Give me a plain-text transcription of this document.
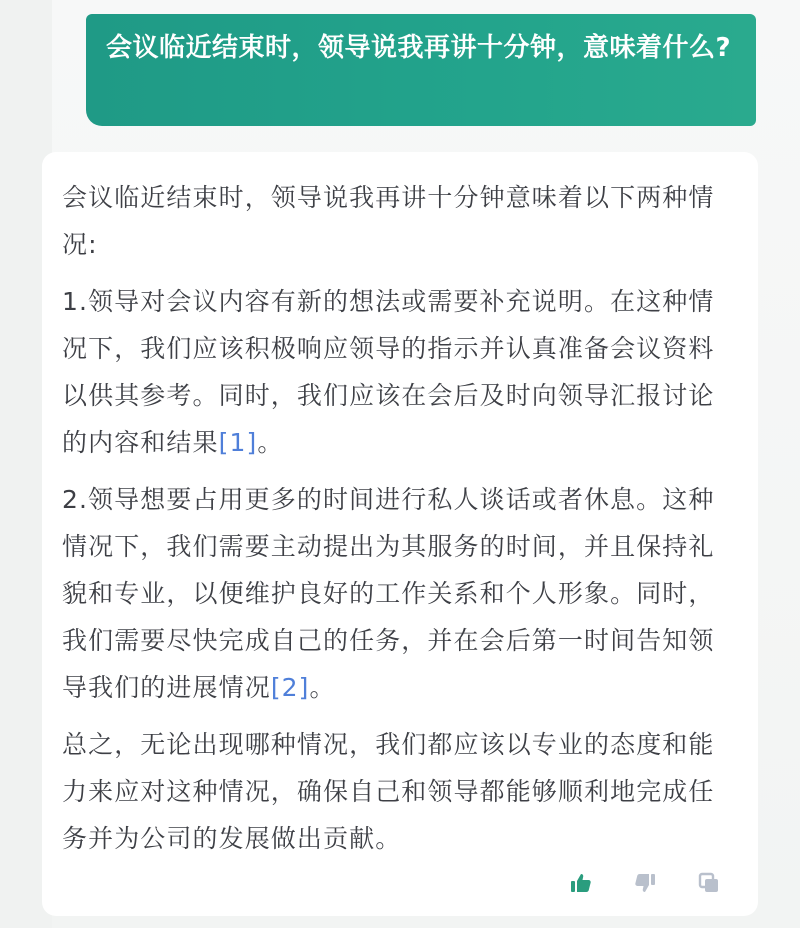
会议临近结束时，领导说我再讲十分钟，意味着什么?

会议临近结束时，领导说我再讲十分钟意味着以下两种情况:

1.领导对会议内容有新的想法或需要补充说明。在这种情况下，我们应该积极响应领导的指示并认真准备会议资料以供其参考。同时，我们应该在会后及时向领导汇报讨论的内容和结果[1]。

2.领导想要占用更多的时间进行私人谈话或者休息。这种情况下，我们需要主动提出为其服务的时间，并且保持礼貌和专业，以便维护良好的工作关系和个人形象。同时，我们需要尽快完成自己的任务，并在会后第一时间告知领导我们的进展情况[2]。

总之，无论出现哪种情况，我们都应该以专业的态度和能力来应对这种情况，确保自己和领导都能够顺利地完成任务并为公司的发展做出贡献。
